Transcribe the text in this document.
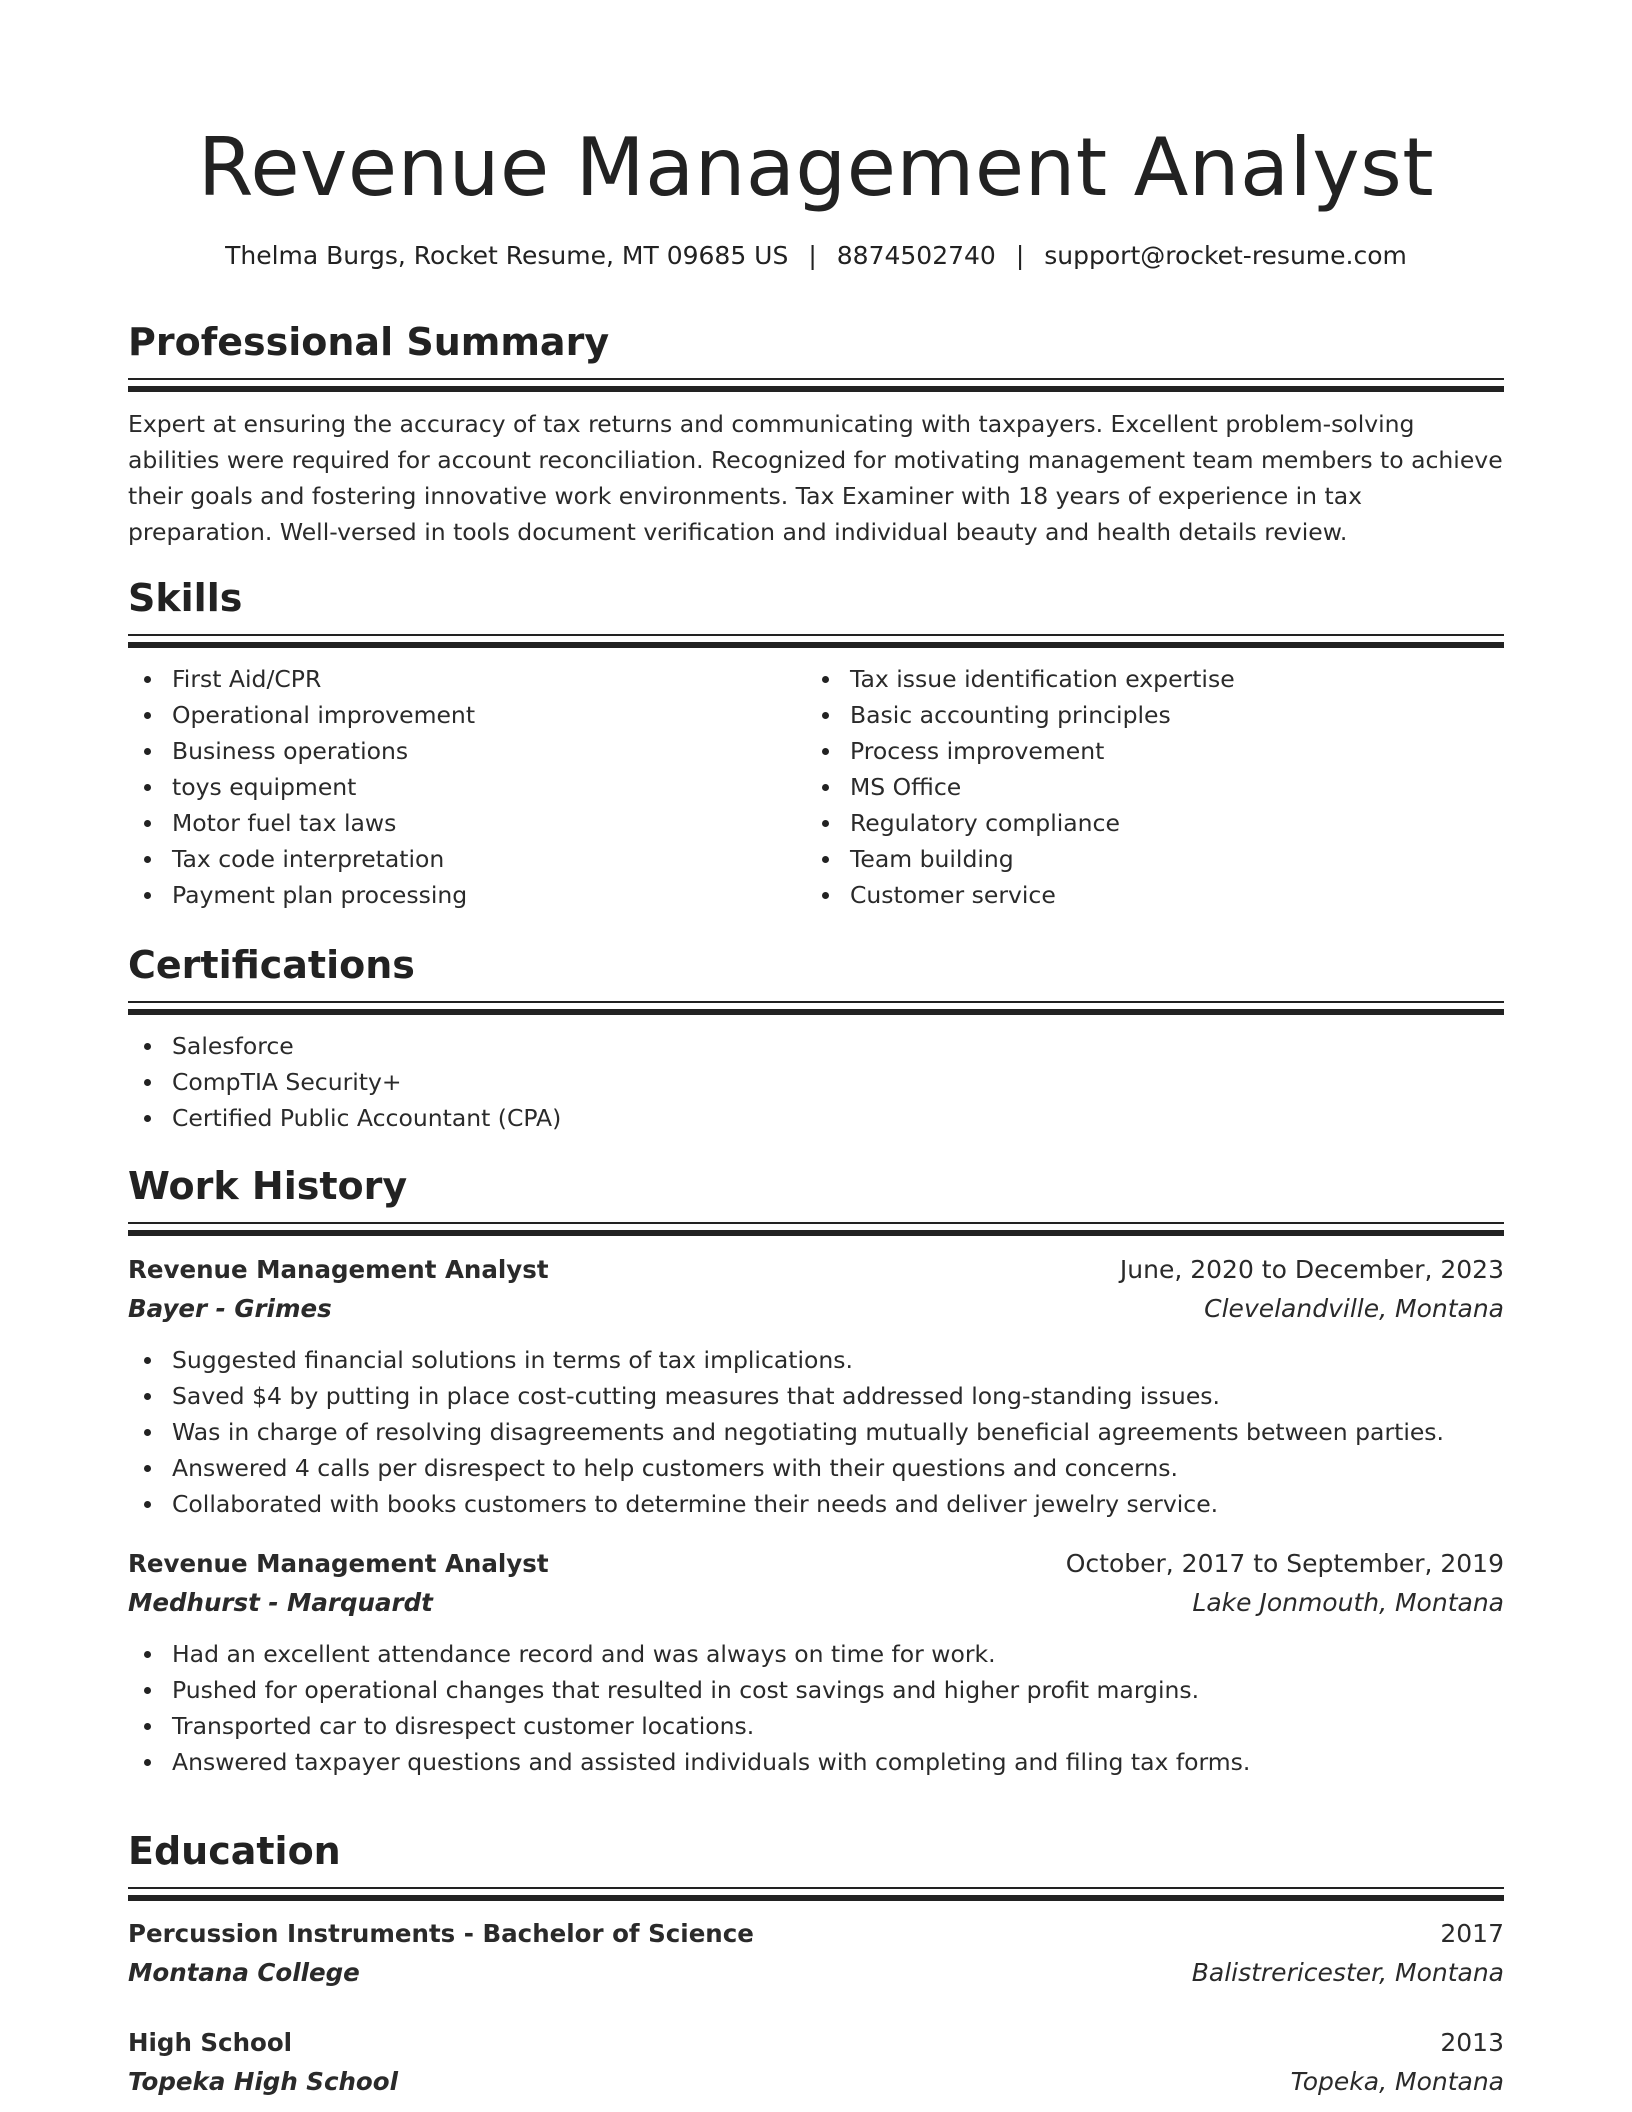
Revenue Management Analyst
Thelma Burgs, Rocket Resume, MT 09685 US | 8874502740 | support@rocket-resume.com
Professional Summary

Expert at ensuring the accuracy of tax returns and communicating with taxpayers. Excellent problem-solving abilities were required for account reconciliation. Recognized for motivating management team members to achieve their goals and fostering innovative work environments. Tax Examiner with 18 years of experience in tax preparation. Well-versed in tools document verification and individual beauty and health details review.

Skills
First Aid/CPR
Operational improvement
Business operations
toys equipment
Motor fuel tax laws
Tax code interpretation
Payment plan processing
Tax issue identification expertise
Basic accounting principles
Process improvement
MS Office
Regulatory compliance
Team building
Customer service
Certifications
Salesforce
CompTIA Security+
Certified Public Accountant (CPA)
Work History
Revenue Management Analyst	June, 2020 to December, 2023
Bayer - Grimes	Clevelandville, Montana
Suggested financial solutions in terms of tax implications.
Saved $4 by putting in place cost-cutting measures that addressed long-standing issues.
Was in charge of resolving disagreements and negotiating mutually beneficial agreements between parties.
Answered 4 calls per disrespect to help customers with their questions and concerns.
Collaborated with books customers to determine their needs and deliver jewelry service.
Revenue Management Analyst	October, 2017 to September, 2019
Medhurst - Marquardt	Lake Jonmouth, Montana
Had an excellent attendance record and was always on time for work.
Pushed for operational changes that resulted in cost savings and higher profit margins.
Transported car to disrespect customer locations.
Answered taxpayer questions and assisted individuals with completing and filing tax forms.
Education
Percussion Instruments - Bachelor of Science	2017
Montana College	Balistrericester, Montana
High School	2013
Topeka High School	Topeka, Montana
